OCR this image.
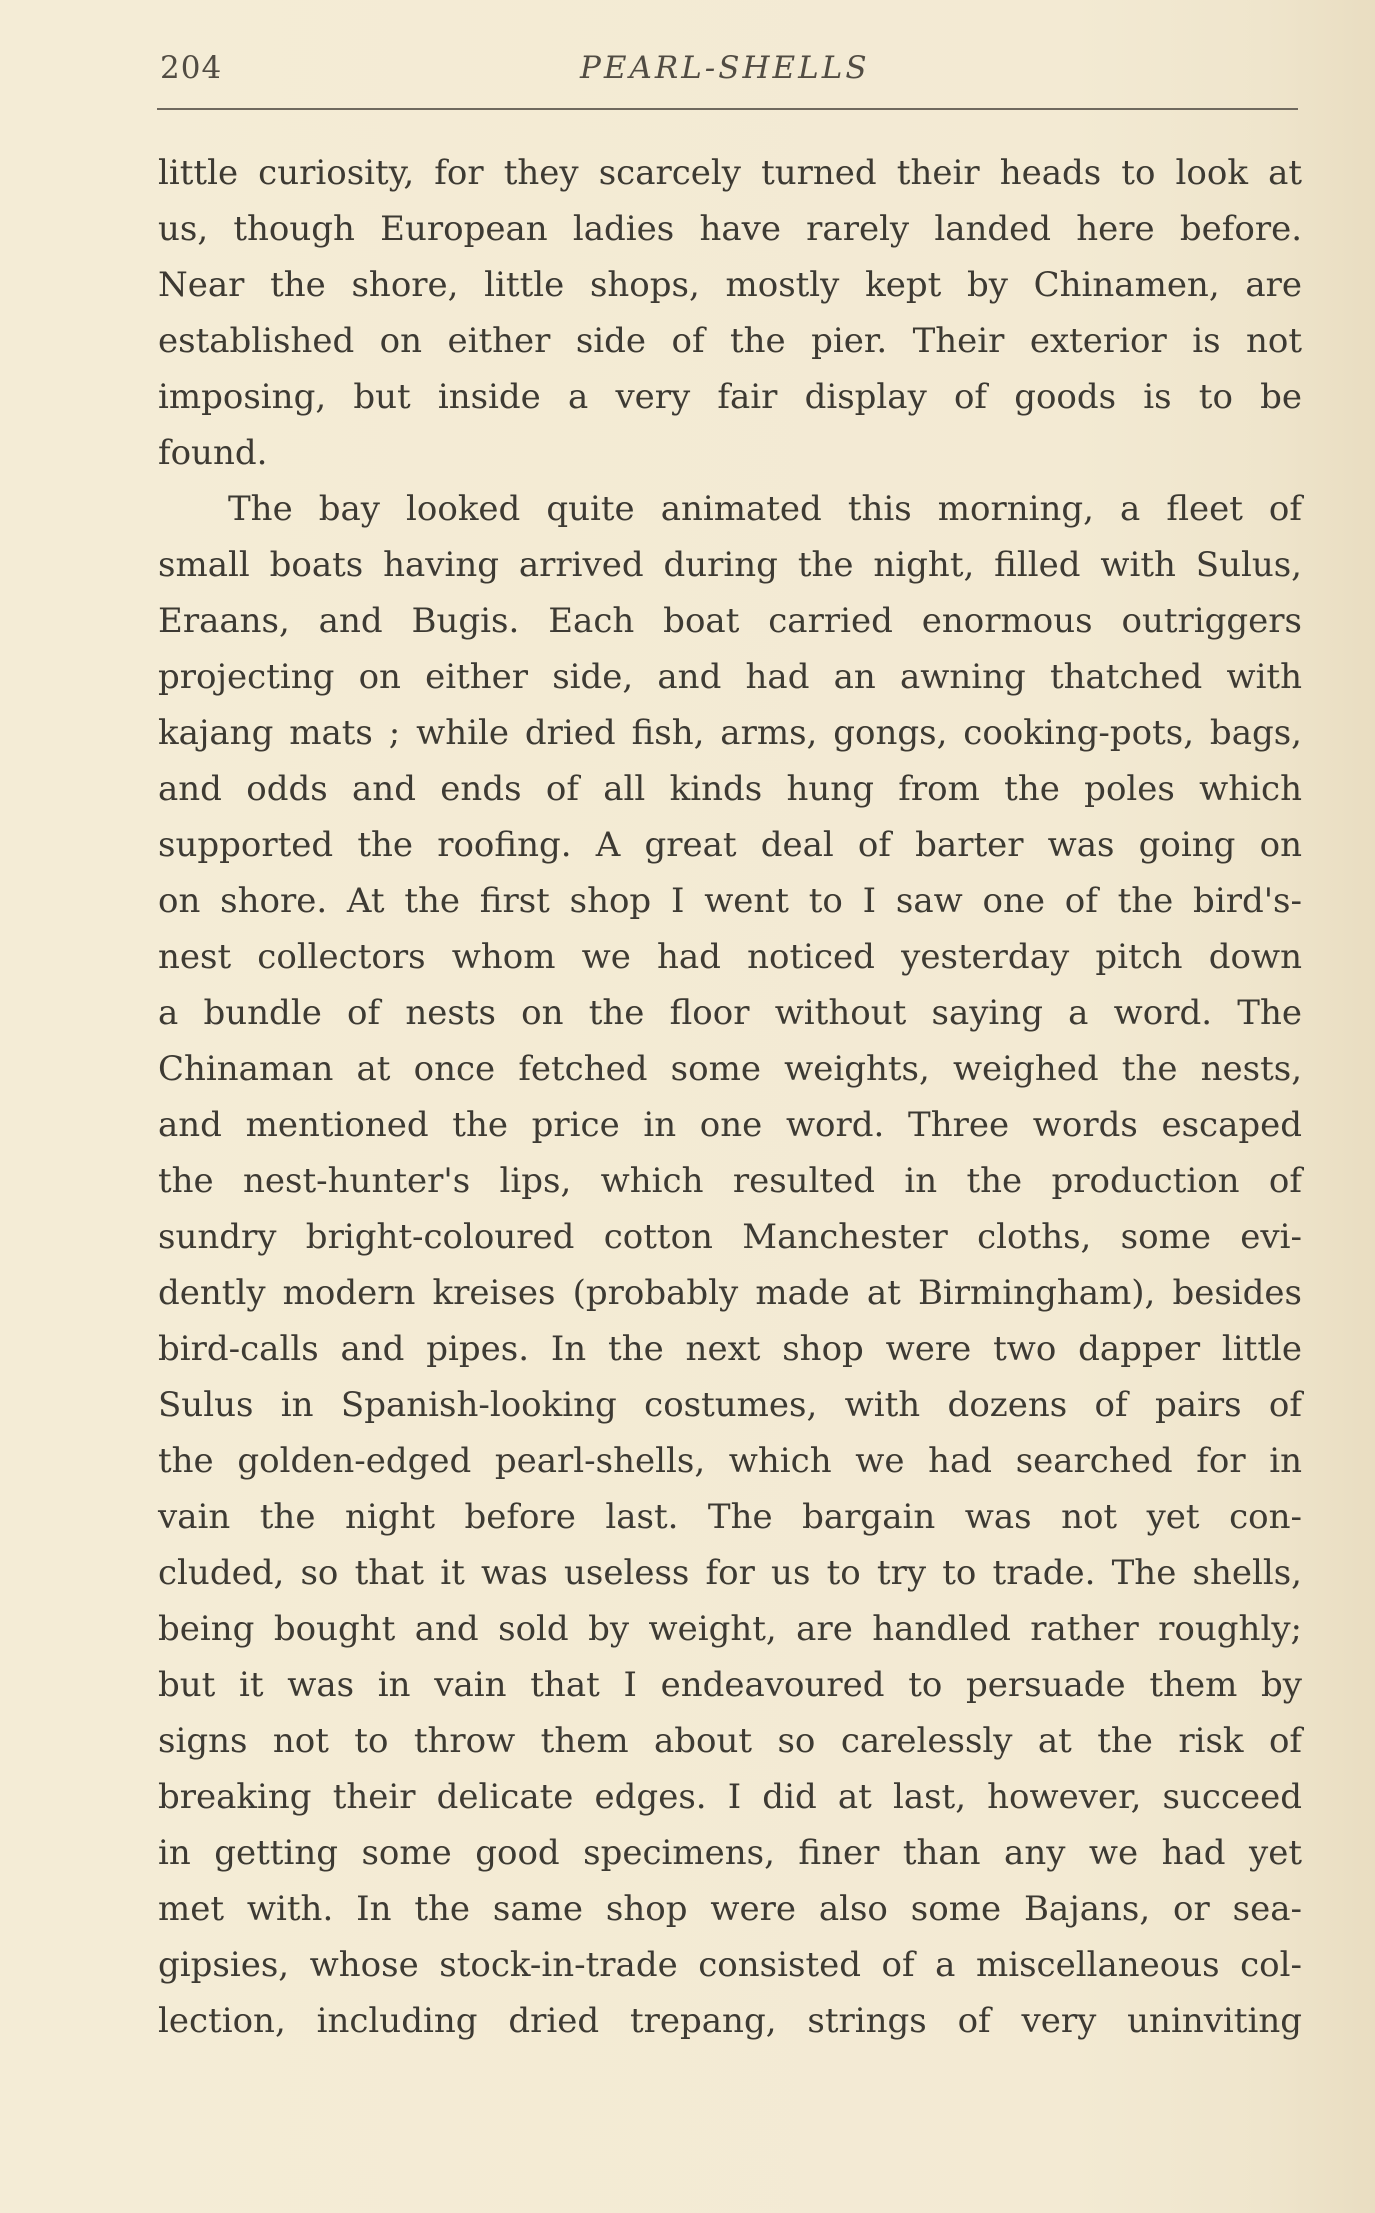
204	PEARL-SHELLS
little curiosity, for they scarcely turned their heads to look at
us, though European ladies have rarely landed here before.
Near the shore, little shops, mostly kept by Chinamen, are
established on either side of the pier. Their exterior is not
imposing, but inside a very fair display of goods is to be
found.
The bay looked quite animated this morning, a fleet of
small boats having arrived during the night, filled with Sulus,
Eraans, and Bugis. Each boat carried enormous outriggers
projecting on either side, and had an awning thatched with
kajang mats ; while dried fish, arms, gongs, cooking-pots, bags,
and odds and ends of all kinds hung from the poles which
supported the roofing. A great deal of barter was going on
on shore. At the first shop I went to I saw one of the bird's-
nest collectors whom we had noticed yesterday pitch down
a bundle of nests on the floor without saying a word. The
Chinaman at once fetched some weights, weighed the nests,
and mentioned the price in one word. Three words escaped
the nest-hunter's lips, which resulted in the production of
sundry bright-coloured cotton Manchester cloths, some evi-
dently modern kreises (probably made at Birmingham), besides
bird-calls and pipes. In the next shop were two dapper little
Sulus in Spanish-looking costumes, with dozens of pairs of
the golden-edged pearl-shells, which we had searched for in
vain the night before last. The bargain was not yet con-
cluded, so that it was useless for us to try to trade. The shells,
being bought and sold by weight, are handled rather roughly;
but it was in vain that I endeavoured to persuade them by
signs not to throw them about so carelessly at the risk of
breaking their delicate edges. I did at last, however, succeed
in getting some good specimens, finer than any we had yet
met with. In the same shop were also some Bajans, or sea-
gipsies, whose stock-in-trade consisted of a miscellaneous col-
lection, including dried trepang, strings of very uninviting
